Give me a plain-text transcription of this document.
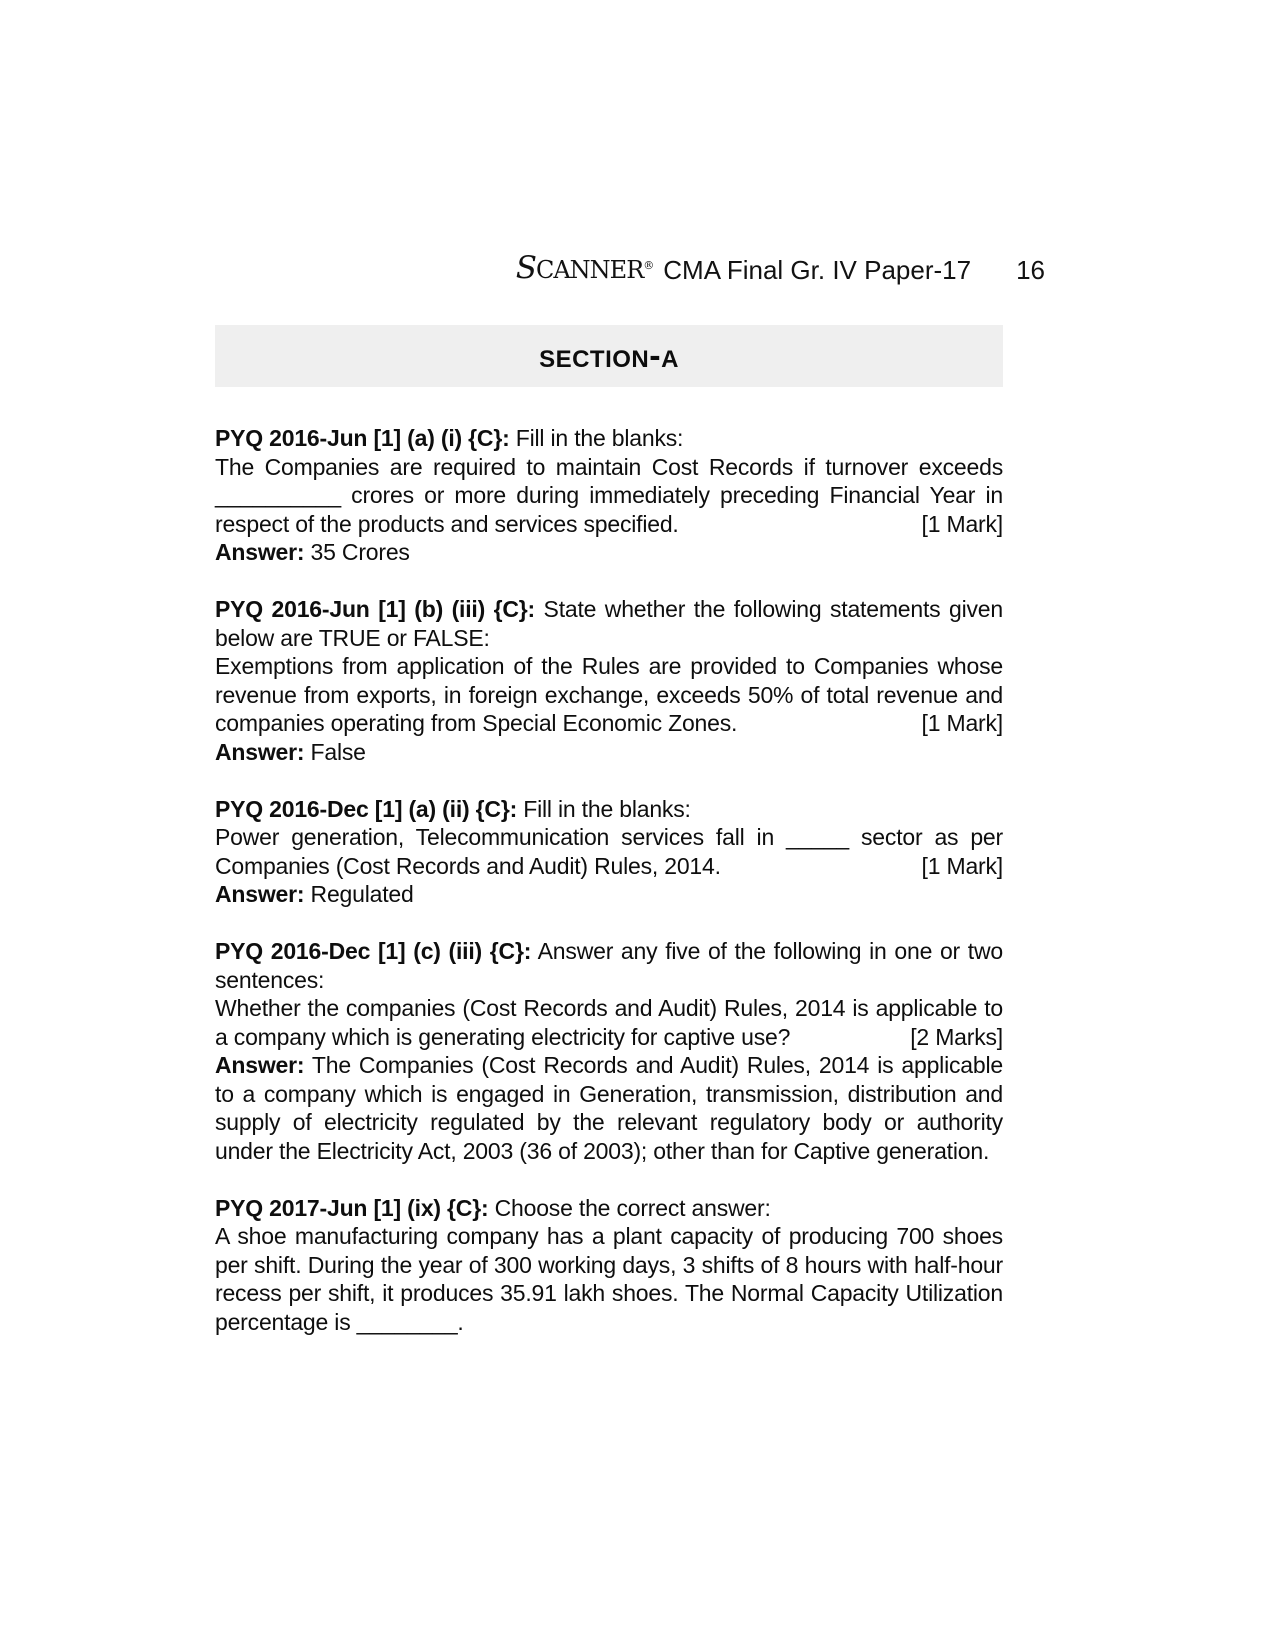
SCANNER® CMA Final Gr. IV Paper-17 16
section-a

PYQ 2016-Jun [1] (a) (i) {C}: Fill in the blanks:

The Companies are required to maintain Cost Records if turnover exceeds __________ crores or more during immediately preceding Financial Year in respect of the products and services specified.	[1 Mark]

Answer: 35 Crores

PYQ 2016-Jun [1] (b) (iii) {C}: State whether the following statements given below are TRUE or FALSE:

Exemptions from application of the Rules are provided to Companies whose revenue from exports, in foreign exchange, exceeds 50% of total revenue and companies operating from Special Economic Zones.	[1 Mark]

Answer: False

PYQ 2016-Dec [1] (a) (ii) {C}: Fill in the blanks:

Power generation, Telecommunication services fall in _____ sector as per Companies (Cost Records and Audit) Rules, 2014.	[1 Mark]

Answer: Regulated

PYQ 2016-Dec [1] (c) (iii) {C}: Answer any five of the following in one or two sentences:

Whether the companies (Cost Records and Audit) Rules, 2014 is applicable to a company which is generating electricity for captive use?	[2 Marks]

Answer: The Companies (Cost Records and Audit) Rules, 2014 is applicable to a company which is engaged in Generation, transmission, distribution and supply of electricity regulated by the relevant regulatory body or authority under the Electricity Act, 2003 (36 of 2003); other than for Captive generation.

PYQ 2017-Jun [1] (ix) {C}: Choose the correct answer:

A shoe manufacturing company has a plant capacity of producing 700 shoes per shift. During the year of 300 working days, 3 shifts of 8 hours with half-hour recess per shift, it produces 35.91 lakh shoes. The Normal Capacity Utilization percentage is ________.
